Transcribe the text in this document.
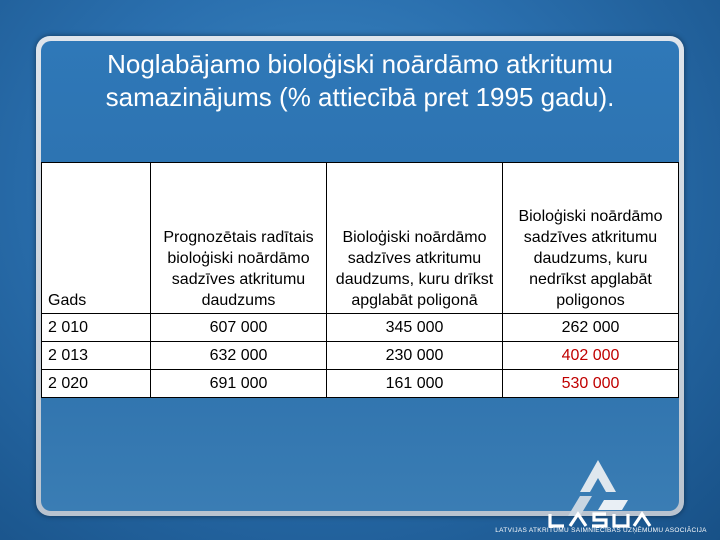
Noglabājamo bioloģiski noārdāmo atkritumu samazinājums (% attiecībā pret 1995 gadu).
Gads	Prognozētais radītais bioloģiski noārdāmo sadzīves atkritumu daudzums	Bioloģiski noārdāmo sadzīves atkritumu daudzums, kuru drīkst apglabāt poligonā	Bioloģiski noārdāmo sadzīves atkritumu daudzums, kuru nedrīkst apglabāt poligonos
2 010	607 000	345 000	262 000
2 013	632 000	230 000	402 000
2 020	691 000	161 000	530 000
LATVIJAS ATKRITUMU SAIMNIECĪBAS UZŅĒMUMU ASOCIĀCIJA
